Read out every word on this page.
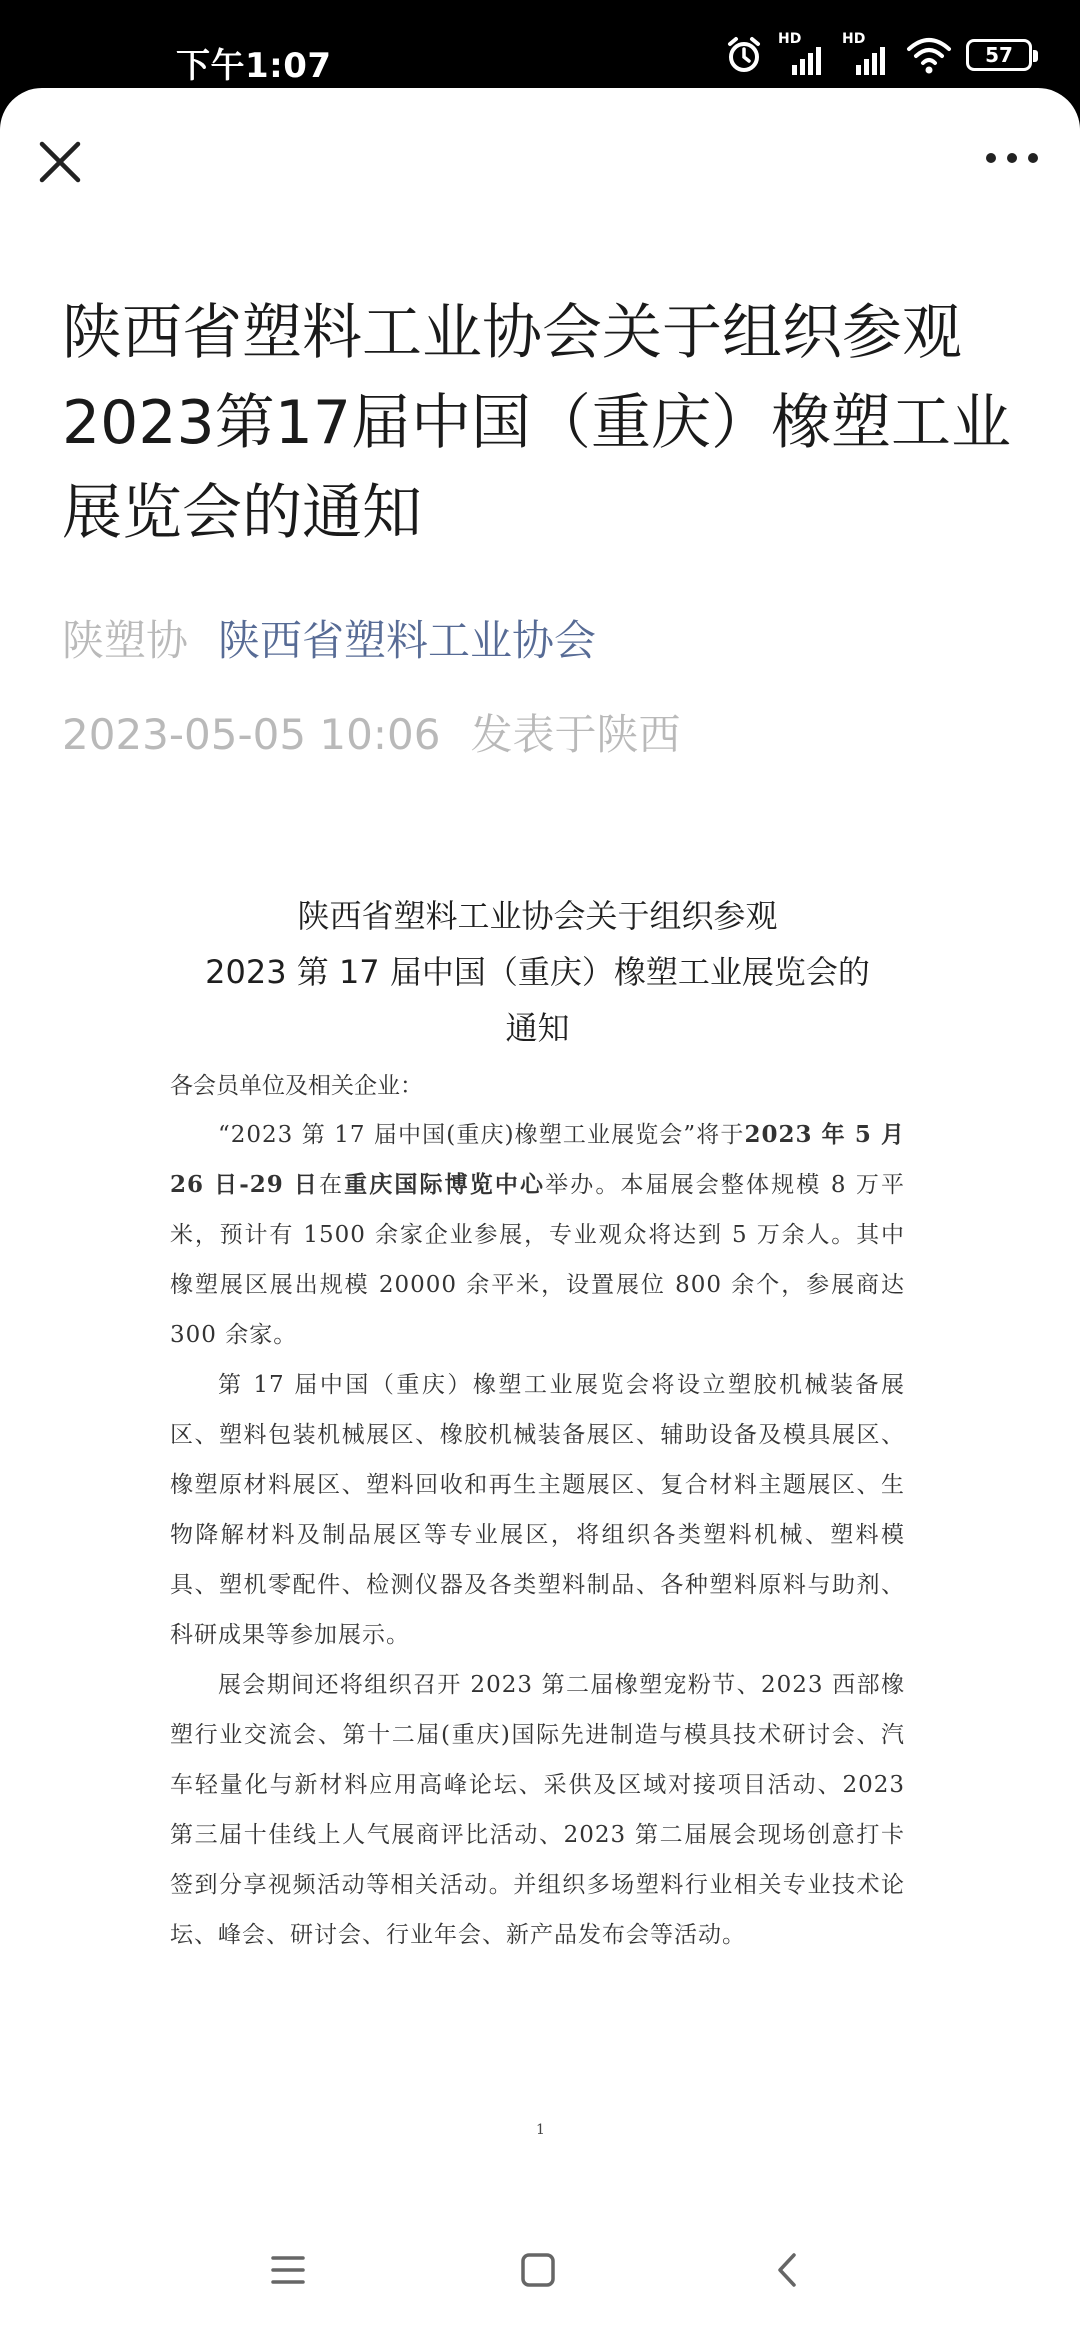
下午1:07
HD	HD
57
陕西省塑料工业协会关于组织参观2023第17届中国（重庆）橡塑工业展览会的通知
陕塑协 陕西省塑料工业协会
2023-05-05 10:06 发表于陕西
陕西省塑料工业协会关于组织参观
2023 第 17 届中国（重庆）橡塑工业展览会的
通知
各会员单位及相关企业：

“2023 第 17 届中国(重庆)橡塑工业展览会”将于2023 年 5 月 26 日-29 日在重庆国际博览中心举办。本届展会整体规模 8 万平米，预计有 1500 余家企业参展，专业观众将达到 5 万余人。其中橡塑展区展出规模 20000 余平米，设置展位 800 余个，参展商达 300 余家。

第 17 届中国（重庆）橡塑工业展览会将设立塑胶机械装备展区、塑料包装机械展区、橡胶机械装备展区、辅助设备及模具展区、橡塑原材料展区、塑料回收和再生主题展区、复合材料主题展区、生物降解材料及制品展区等专业展区，将组织各类塑料机械、塑料模具、塑机零配件、检测仪器及各类塑料制品、各种塑料原料与助剂、科研成果等参加展示。

展会期间还将组织召开 2023 第二届橡塑宠粉节、2023 西部橡塑行业交流会、第十二届(重庆)国际先进制造与模具技术研讨会、汽车轻量化与新材料应用高峰论坛、采供及区域对接项目活动、2023 第三届十佳线上人气展商评比活动、2023 第二届展会现场创意打卡签到分享视频活动等相关活动。并组织多场塑料行业相关专业技术论坛、峰会、研讨会、行业年会、新产品发布会等活动。

1
